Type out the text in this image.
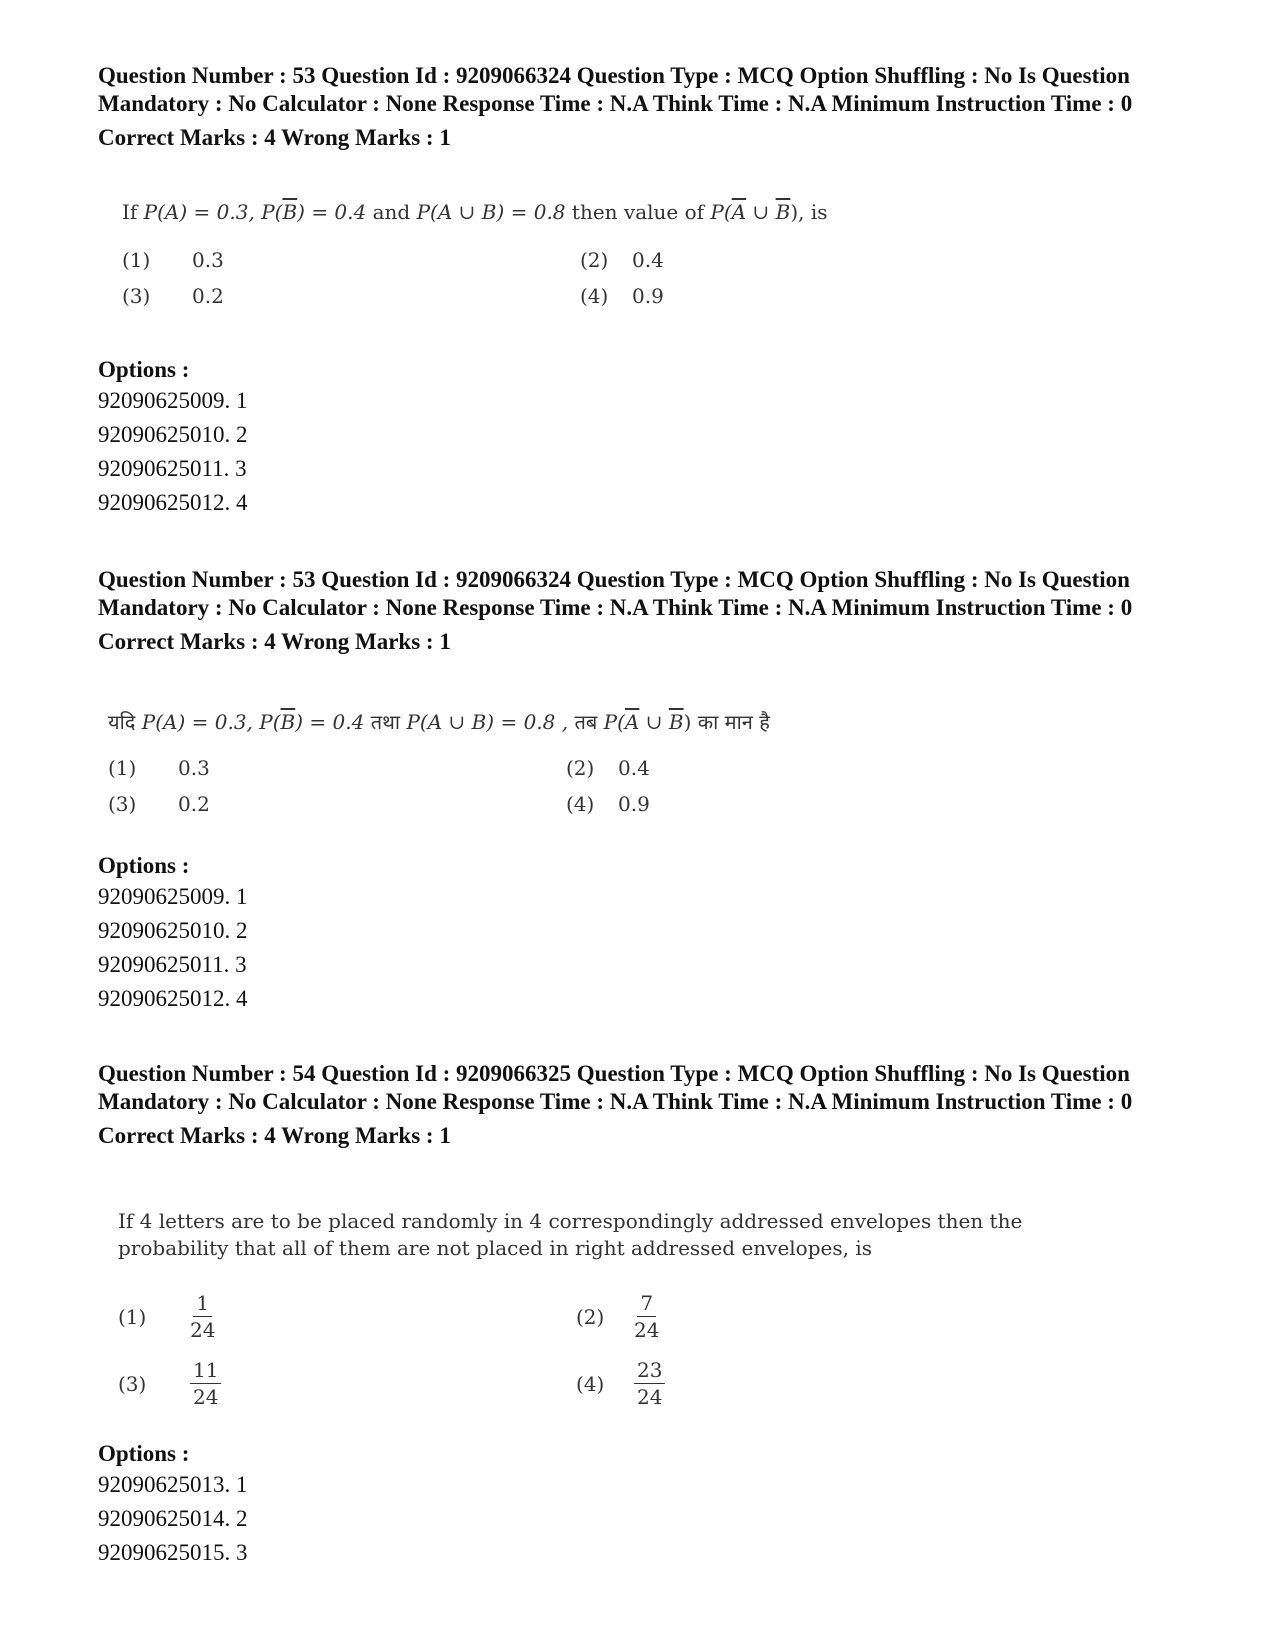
Question Number : 53 Question Id : 9209066324 Question Type : MCQ Option Shuffling : No Is Question Mandatory : No Calculator : None Response Time : N.A Think Time : N.A Minimum Instruction Time : 0

Correct Marks : 4 Wrong Marks : 1
If P(A) = 0.3, $P(\overline{B}) = 0.4$ and P(A ∪ B) = 0.8 then value of $P(\overline{A}$ ∪ $\overline{B}$), is
(1) 0.3	(2) 0.4
(3) 0.2	(4) 0.9
Options :
92090625009. 1
92090625010. 2
92090625011. 3
92090625012. 4

Question Number : 53 Question Id : 9209066324 Question Type : MCQ Option Shuffling : No Is Question Mandatory : No Calculator : None Response Time : N.A Think Time : N.A Minimum Instruction Time : 0

Correct Marks : 4 Wrong Marks : 1
यदि P(A) = 0.3, $P(\overline{B}) = 0.4$ तथा P(A ∪ B) = 0.8 , तब $P(\overline{A}$ ∪ $\overline{B}$) का मान है
(1) 0.3	(2) 0.4
(3) 0.2	(4) 0.9
Options :
92090625009. 1
92090625010. 2
92090625011. 3
92090625012. 4

Question Number : 54 Question Id : 9209066325 Question Type : MCQ Option Shuffling : No Is Question Mandatory : No Calculator : None Response Time : N.A Think Time : N.A Minimum Instruction Time : 0

Correct Marks : 4 Wrong Marks : 1
If 4 letters are to be placed randomly in 4 correspondingly addressed envelopes then the
probability that all of them are not placed in right addressed envelopes, is
$(1) \frac{1}{24}$	$(2) \frac{7}{24}$
$(3) \frac{11}{24}$	$(4) \frac{23}{24}$
Options :
92090625013. 1
92090625014. 2
92090625015. 3
